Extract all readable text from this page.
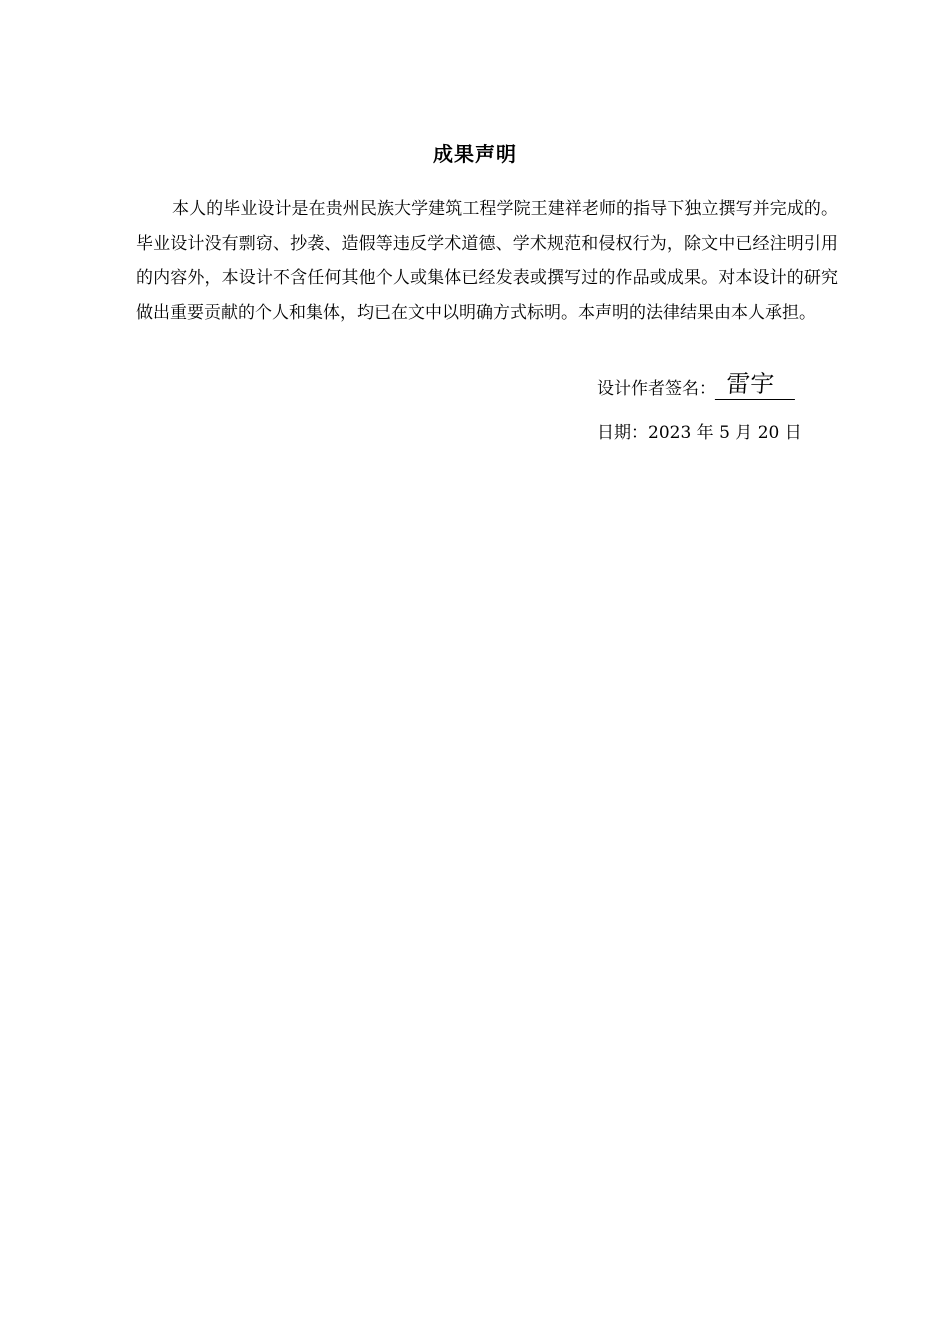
成果声明

本人的毕业设计是在贵州民族大学建筑工程学院王建祥老师的指导下独立撰写并完成的。毕业设计没有剽窃、抄袭、造假等违反学术道德、学术规范和侵权行为，除文中已经注明引用的内容外，本设计不含任何其他个人或集体已经发表或撰写过的作品或成果。对本设计的研究做出重要贡献的个人和集体，均已在文中以明确方式标明。本声明的法律结果由本人承担。

设计作者签名： 雷宇
日期：2023 年 5 月 20 日
